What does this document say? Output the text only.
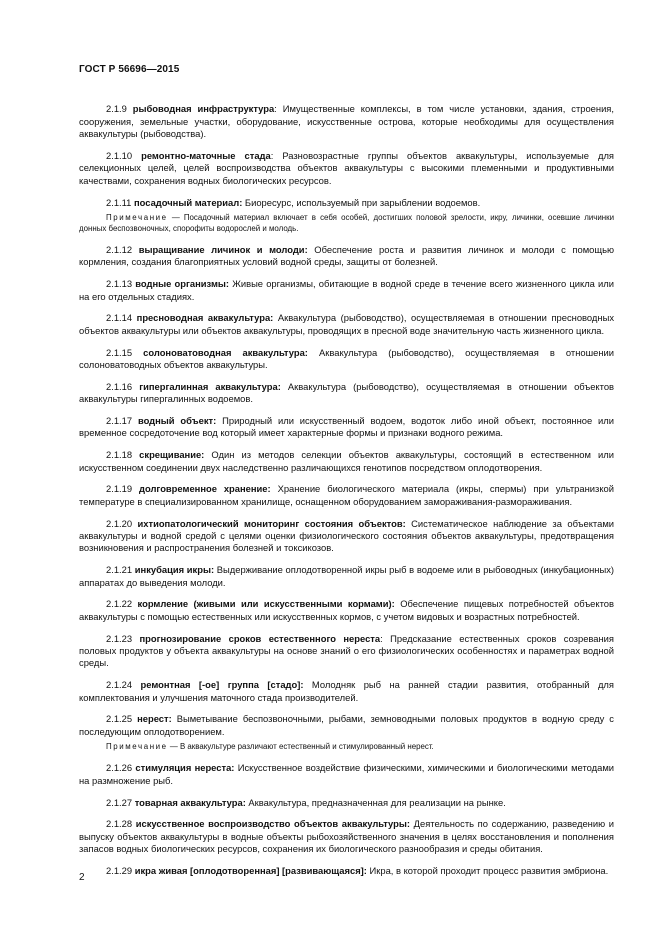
ГОСТ Р 56696—2015

2.1.9 рыбоводная инфраструктура: Имущественные комплексы, в том числе установки, здания, строения, сооружения, земельные участки, оборудование, искусственные острова, которые необходимы для осуществления аквакультуры (рыбоводства).

2.1.10 ремонтно-маточные стада: Разновозрастные группы объектов аквакультуры, используемые для селекционных целей, целей воспроизводства объектов аквакультуры с высокими племенными и продуктивными качествами, сохранения водных биологических ресурсов.

2.1.11 посадочный материал: Биоресурс, используемый при зарыблении водоемов.

Примечание — Посадочный материал включает в себя особей, достигших половой зрелости, икру, личинки, осевшие личинки донных беспозвоночных, спорофиты водорослей и молодь.

2.1.12 выращивание личинок и молоди: Обеспечение роста и развития личинок и молоди с помощью кормления, создания благоприятных условий водной среды, защиты от болезней.

2.1.13 водные организмы: Живые организмы, обитающие в водной среде в течение всего жизненного цикла или на его отдельных стадиях.

2.1.14 пресноводная аквакультура: Аквакультура (рыбоводство), осуществляемая в отношении пресноводных объектов аквакультуры или объектов аквакультуры, проводящих в пресной воде значительную часть жизненного цикла.

2.1.15 солоноватоводная аквакультура: Аквакультура (рыбоводство), осуществляемая в отношении солоноватоводных объектов аквакультуры.

2.1.16 гипергалинная аквакультура: Аквакультура (рыбоводство), осуществляемая в отношении объектов аквакультуры гипергалинных водоемов.

2.1.17 водный объект: Природный или искусственный водоем, водоток либо иной объект, постоянное или временное сосредоточение вод который имеет характерные формы и признаки водного режима.

2.1.18 скрещивание: Один из методов селекции объектов аквакультуры, состоящий в естественном или искусственном соединении двух наследственно различающихся генотипов посредством оплодотворения.

2.1.19 долговременное хранение: Хранение биологического материала (икры, спермы) при ультранизкой температуре в специализированном хранилище, оснащенном оборудованием замораживания-размораживания.

2.1.20 ихтиопатологический мониторинг состояния объектов: Систематическое наблюдение за объектами аквакультуры и водной средой с целями оценки физиологического состояния объектов аквакультуры, предотвращения возникновения и распространения болезней и токсикозов.

2.1.21 инкубация икры: Выдерживание оплодотворенной икры рыб в водоеме или в рыбоводных (инкубационных) аппаратах до выведения молоди.

2.1.22 кормление (живыми или искусственными кормами): Обеспечение пищевых потребностей объектов аквакультуры с помощью естественных или искусственных кормов, с учетом видовых и возрастных потребностей.

2.1.23 прогнозирование сроков естественного нереста: Предсказание естественных сроков созревания половых продуктов у объекта аквакультуры на основе знаний о его физиологических особенностях и параметрах водной среды.

2.1.24 ремонтная [-ое] группа [стадо]: Молодняк рыб на ранней стадии развития, отобранный для комплектования и улучшения маточного стада производителей.

2.1.25 нерест: Выметывание беспозвоночными, рыбами, земноводными половых продуктов в водную среду с последующим оплодотворением.

Примечание — В аквакультуре различают естественный и стимулированный нерест.

2.1.26 стимуляция нереста: Искусственное воздействие физическими, химическими и биологическими методами на размножение рыб.

2.1.27 товарная аквакультура: Аквакультура, предназначенная для реализации на рынке.

2.1.28 искусственное воспроизводство объектов аквакультуры: Деятельность по содержанию, разведению и выпуску объектов аквакультуры в водные объекты рыбохозяйственного значения в целях восстановления и пополнения запасов водных биологических ресурсов, сохранения их биологического разнообразия и среды обитания.

2.1.29 икра живая [оплодотворенная] [развивающаяся]: Икра, в которой проходит процесс развития эмбриона.

2
